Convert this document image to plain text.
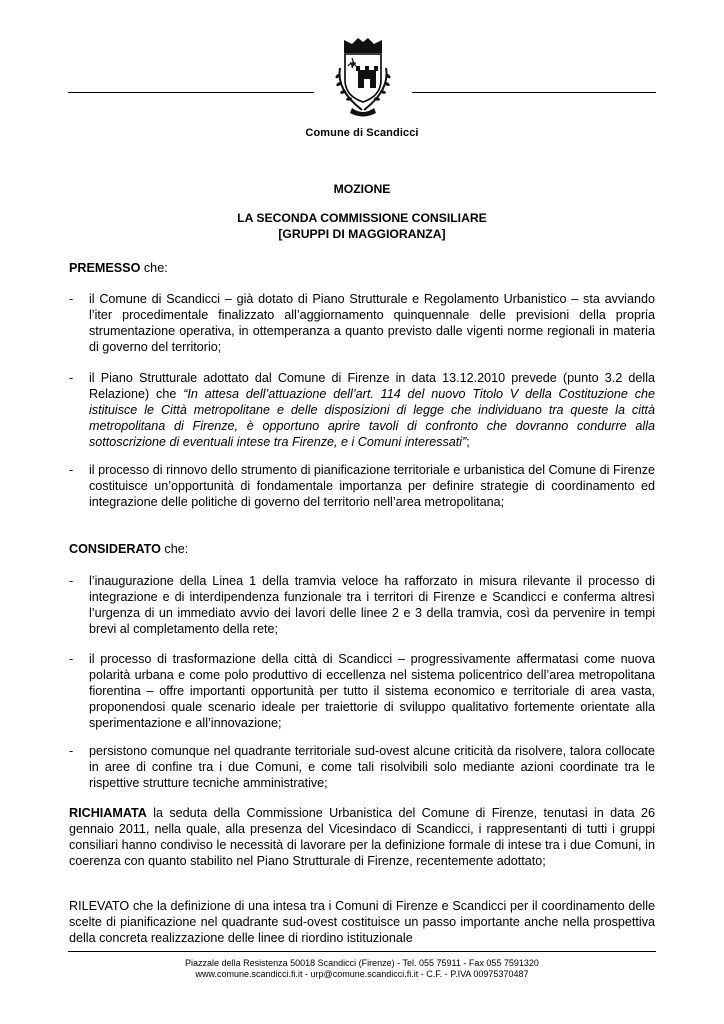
Comune di Scandicci
MOZIONE
LA SECONDA COMMISSIONE CONSILIARE
[GRUPPI DI MAGGIORANZA]
PREMESSO che:
- il Comune di Scandicci – già dotato di Piano Strutturale e Regolamento Urbanistico – sta avviando l’iter procedimentale finalizzato all’aggiornamento quinquennale delle previsioni della propria strumentazione operativa, in ottemperanza a quanto previsto dalle vigenti norme regionali in materia di governo del territorio;
- il Piano Strutturale adottato dal Comune di Firenze in data 13.12.2010 prevede (punto 3.2 della Relazione) che “In attesa dell’attuazione dell’art. 114 del nuovo Titolo V della Costituzione che istituisce le Città metropolitane e delle disposizioni di legge che individuano tra queste la città metropolitana di Firenze, è opportuno aprire tavoli di confronto che dovranno condurre alla sottoscrizione di eventuali intese tra Firenze, e i Comuni interessati”;
- il processo di rinnovo dello strumento di pianificazione territoriale e urbanistica del Comune di Firenze costituisce un’opportunità di fondamentale importanza per definire strategie di coordinamento ed integrazione delle politiche di governo del territorio nell’area metropolitana;
CONSIDERATO che:
- l’inaugurazione della Linea 1 della tramvia veloce ha rafforzato in misura rilevante il processo di integrazione e di interdipendenza funzionale tra i territori di Firenze e Scandicci e conferma altresì l’urgenza di un immediato avvio dei lavori delle linee 2 e 3 della tramvia, così da pervenire in tempi brevi al completamento della rete;
- il processo di trasformazione della città di Scandicci – progressivamente affermatasi come nuova polarità urbana e come polo produttivo di eccellenza nel sistema policentrico dell’area metropolitana fiorentina – offre importanti opportunità per tutto il sistema economico e territoriale di area vasta, proponendosi quale scenario ideale per traiettorie di sviluppo qualitativo fortemente orientate alla sperimentazione e all’innovazione;
- persistono comunque nel quadrante territoriale sud-ovest alcune criticità da risolvere, talora collocate in aree di confine tra i due Comuni, e come tali risolvibili solo mediante azioni coordinate tra le rispettive strutture tecniche amministrative;
RICHIAMATA la seduta della Commissione Urbanistica del Comune di Firenze, tenutasi in data 26 gennaio 2011, nella quale, alla presenza del Vicesindaco di Scandicci, i rappresentanti di tutti i gruppi consiliari hanno condiviso le necessità di lavorare per la definizione formale di intese tra i due Comuni, in coerenza con quanto stabilito nel Piano Strutturale di Firenze, recentemente adottato;
RILEVATO che la definizione di una intesa tra i Comuni di Firenze e Scandicci per il coordinamento delle scelte di pianificazione nel quadrante sud-ovest costituisce un passo importante anche nella prospettiva della concreta realizzazione delle linee di riordino istituzionale
Piazzale della Resistenza 50018 Scandicci (Firenze) - Tel. 055 75911 - Fax 055 7591320
www.comune.scandicci.fi.it - urp@comune.scandicci.fi.it - C.F. - P.IVA 00975370487
